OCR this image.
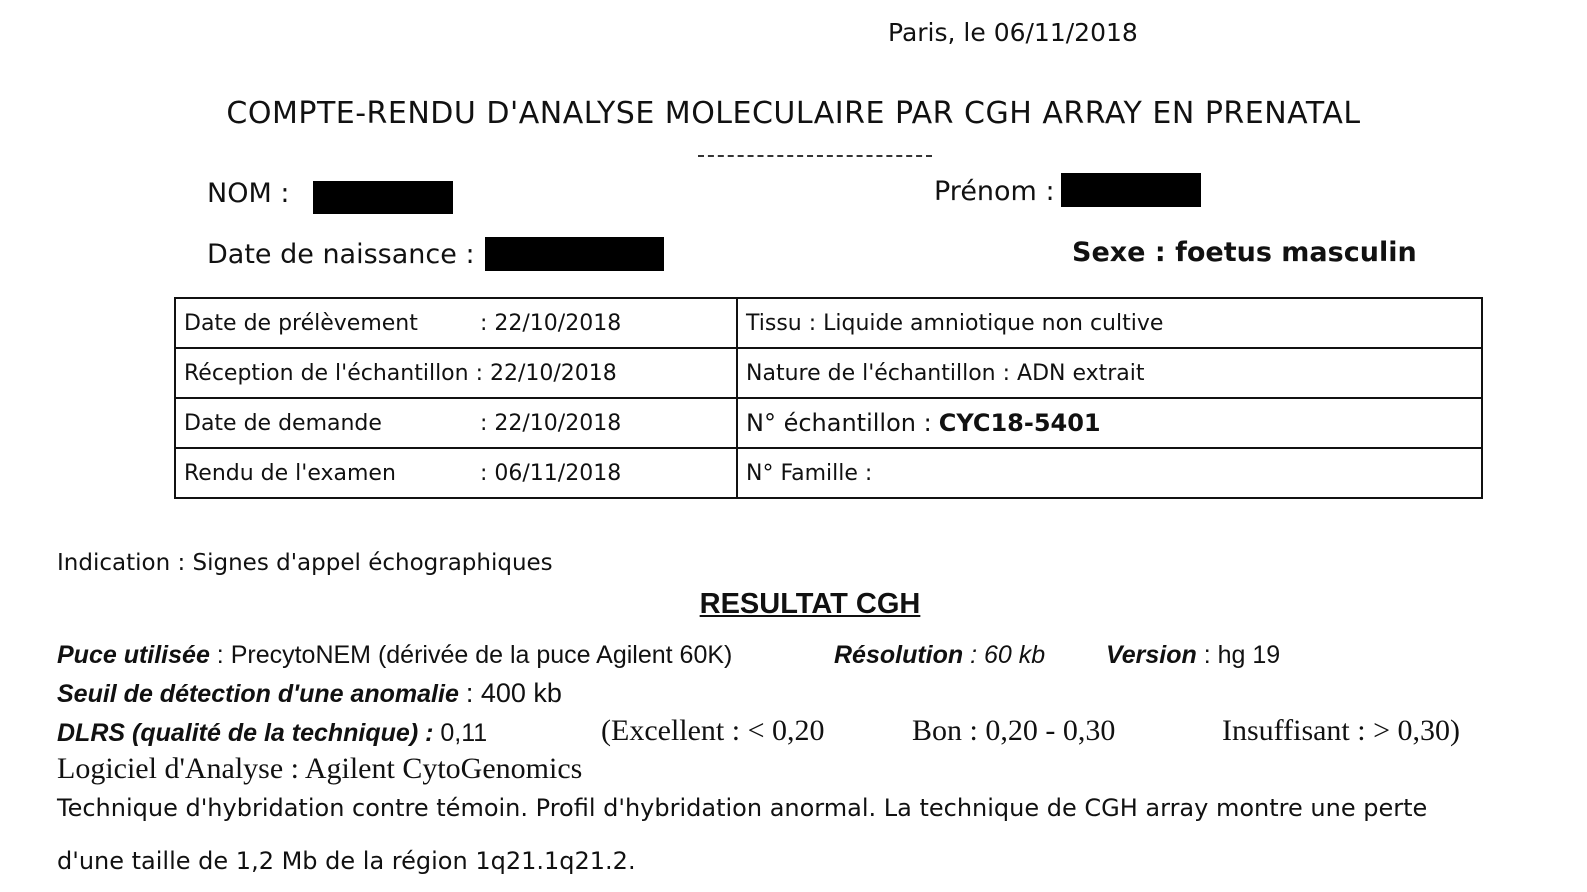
Paris, le 06/11/2018
COMPTE-RENDU D'ANALYSE MOLECULAIRE PAR CGH ARRAY EN PRENATAL
NOM :	Prénom :
Date de naissance :	Sexe : foetus masculin
Date de prélèvement : 22/10/2018	Tissu : Liquide amniotique non cultive
Réception de l'échantillon : 22/10/2018	Nature de l'échantillon : ADN extrait
Date de demande : 22/10/2018	N° échantillon : CYC18-5401
Rendu de l'examen : 06/11/2018	N° Famille :
Indication : Signes d'appel échographiques
RESULTAT CGH
Puce utilisée : PrecytoNEM (dérivée de la puce Agilent 60K)	Résolution : 60 kb Version : hg 19
Seuil de détection d'une anomalie : 400 kb
DLRS (qualité de la technique) : 0,11	(Excellent : < 0,20	Bon : 0,20 - 0,30	Insuffisant : > 0,30)
Logiciel d'Analyse : Agilent CytoGenomics
Technique d'hybridation contre témoin. Profil d'hybridation anormal. La technique de CGH array montre une perte
d'une taille de 1,2 Mb de la région 1q21.1q21.2.
